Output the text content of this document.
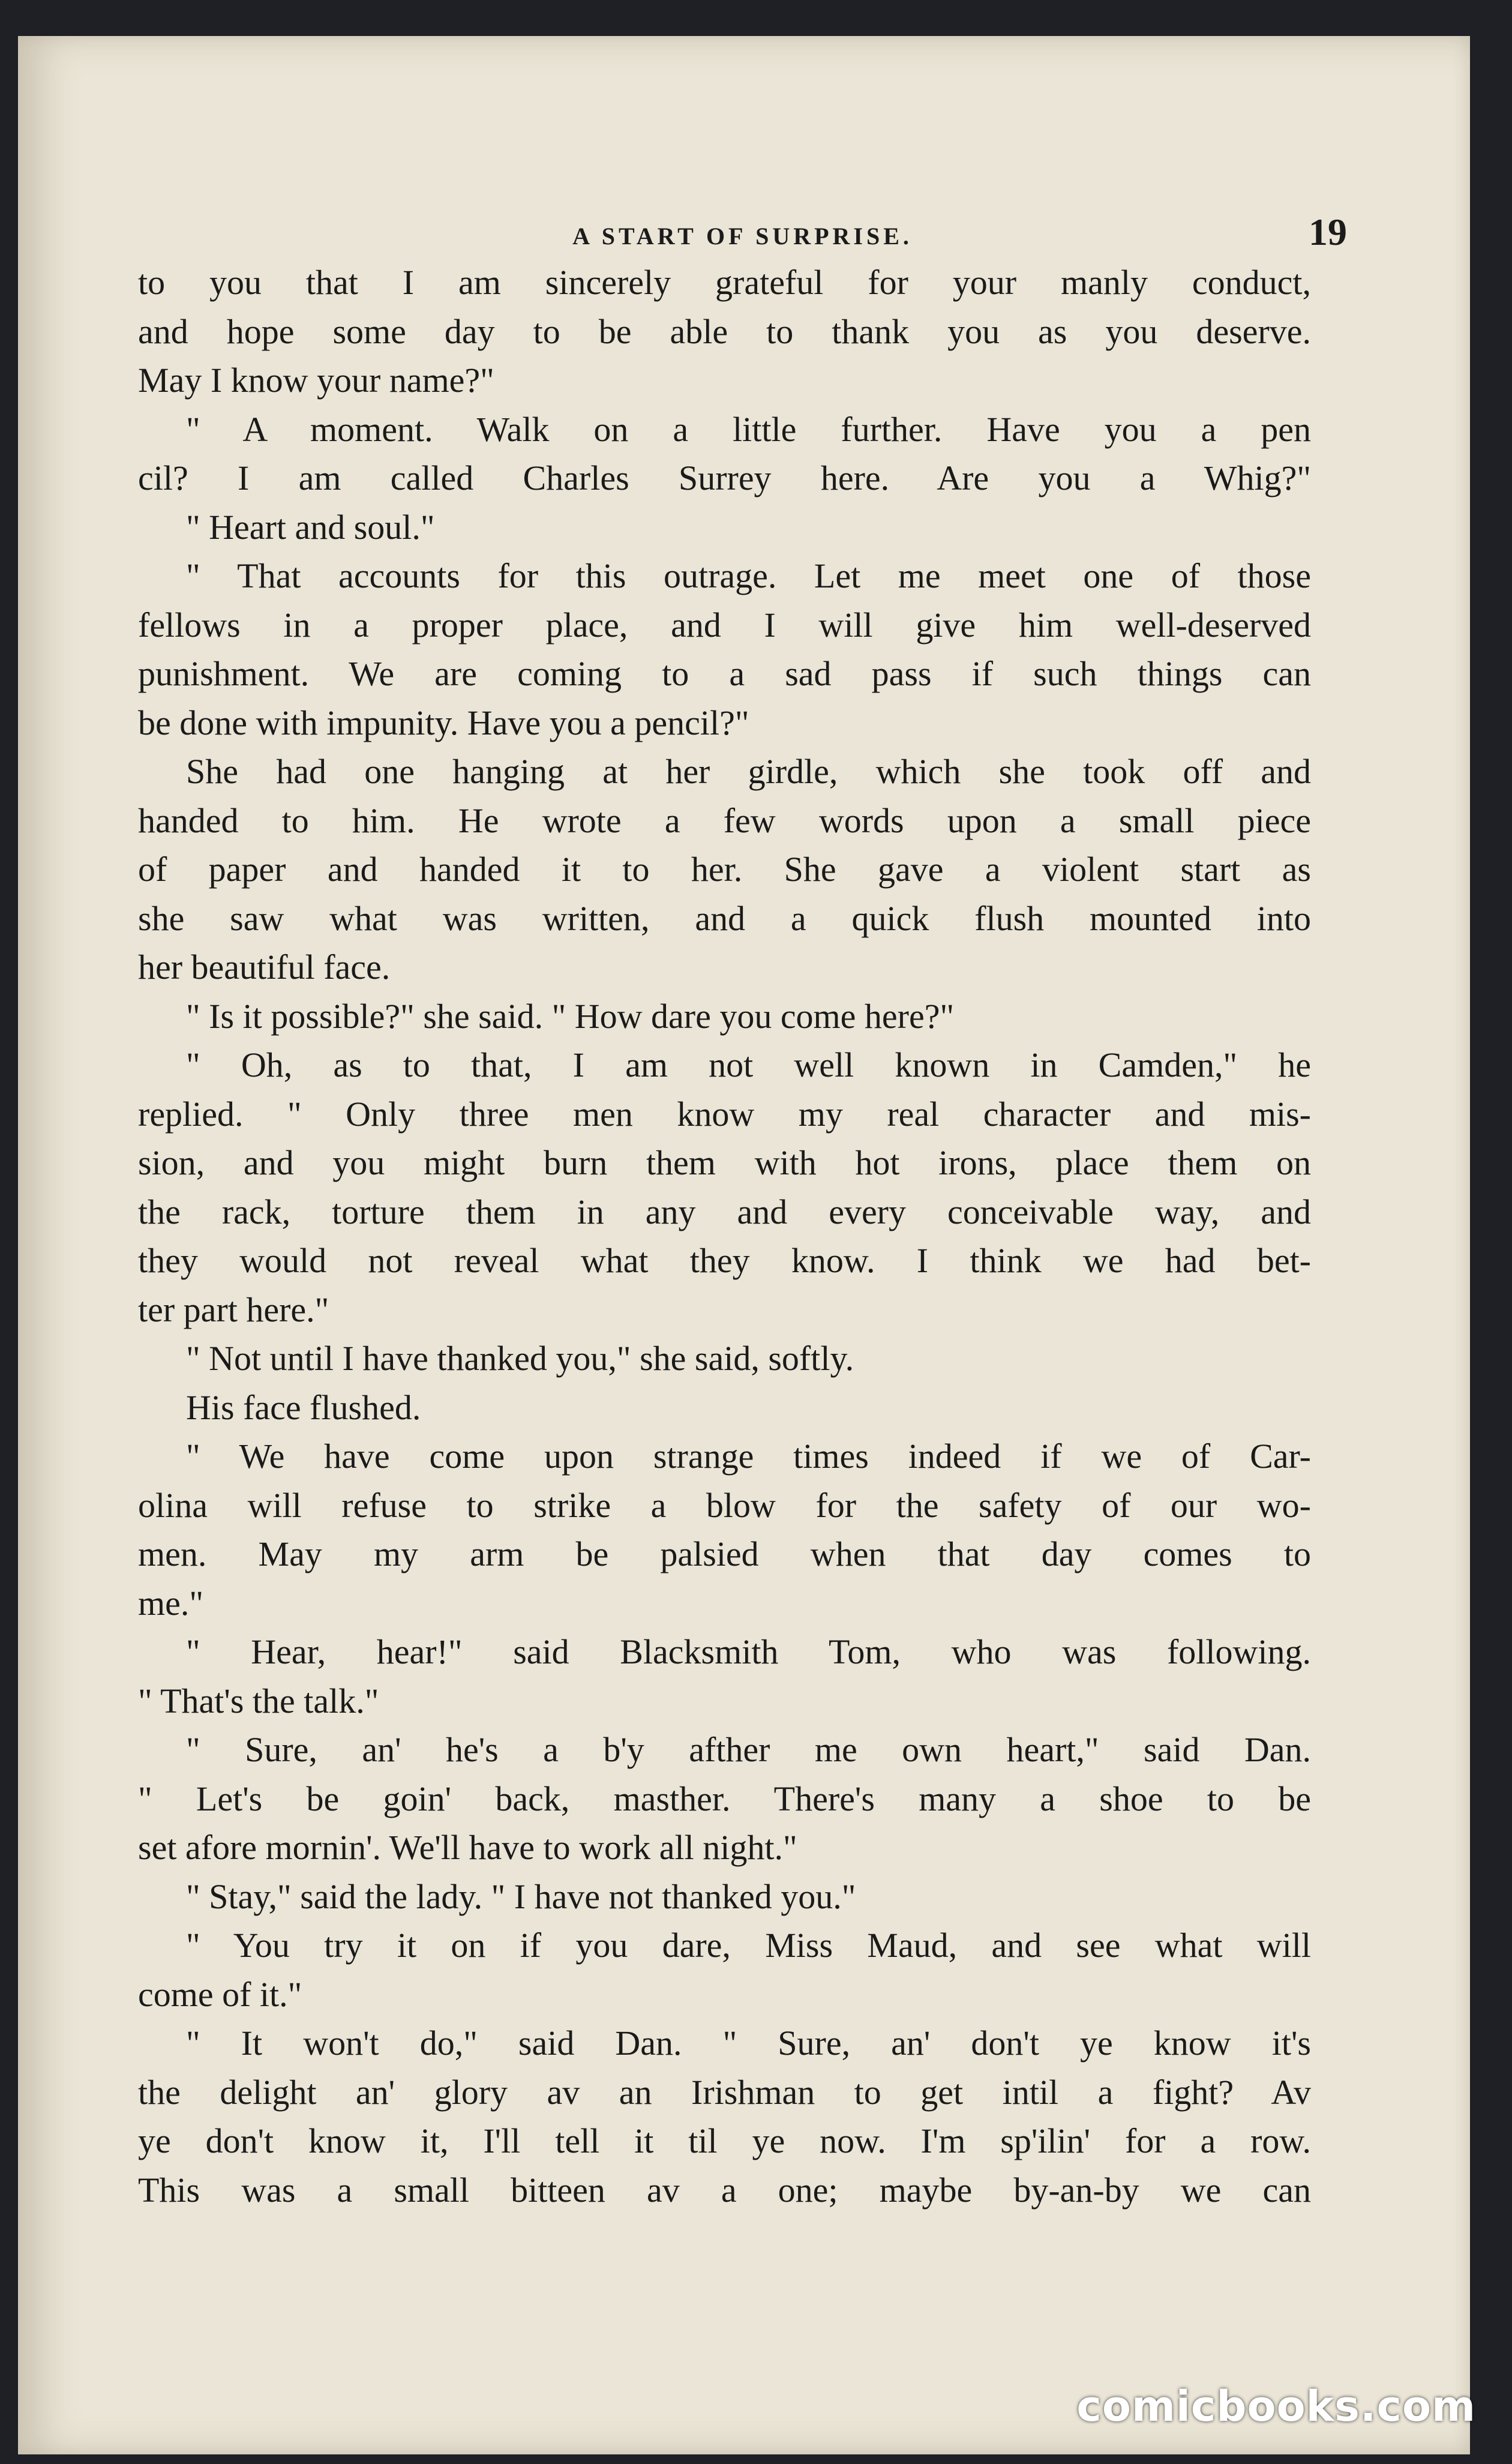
A START OF SURPRISE.	19
to you that I am sincerely grateful for your manly conduct,
and hope some day to be able to thank you as you deserve.
May I know your name?"
" A moment. Walk on a little further. Have you a pen
cil? I am called Charles Surrey here. Are you a Whig?"
" Heart and soul."
" That accounts for this outrage. Let me meet one of those
fellows in a proper place, and I will give him well-deserved
punishment. We are coming to a sad pass if such things can
be done with impunity. Have you a pencil?"
She had one hanging at her girdle, which she took off and
handed to him. He wrote a few words upon a small piece
of paper and handed it to her. She gave a violent start as
she saw what was written, and a quick flush mounted into
her beautiful face.
" Is it possible?" she said. " How dare you come here?"
" Oh, as to that, I am not well known in Camden," he
replied. " Only three men know my real character and mis-
sion, and you might burn them with hot irons, place them on
the rack, torture them in any and every conceivable way, and
they would not reveal what they know. I think we had bet-
ter part here."
" Not until I have thanked you," she said, softly.
His face flushed.
" We have come upon strange times indeed if we of Car-
olina will refuse to strike a blow for the safety of our wo-
men. May my arm be palsied when that day comes to
me."
" Hear, hear!" said Blacksmith Tom, who was following.
" That's the talk."
" Sure, an' he's a b'y afther me own heart," said Dan.
" Let's be goin' back, masther. There's many a shoe to be
set afore mornin'. We'll have to work all night."
" Stay," said the lady. " I have not thanked you."
" You try it on if you dare, Miss Maud, and see what will
come of it."
" It won't do," said Dan. " Sure, an' don't ye know it's
the delight an' glory av an Irishman to get intil a fight? Av
ye don't know it, I'll tell it til ye now. I'm sp'ilin' for a row.
This was a small bitteen av a one; maybe by-an-by we can
comicbooks.com
